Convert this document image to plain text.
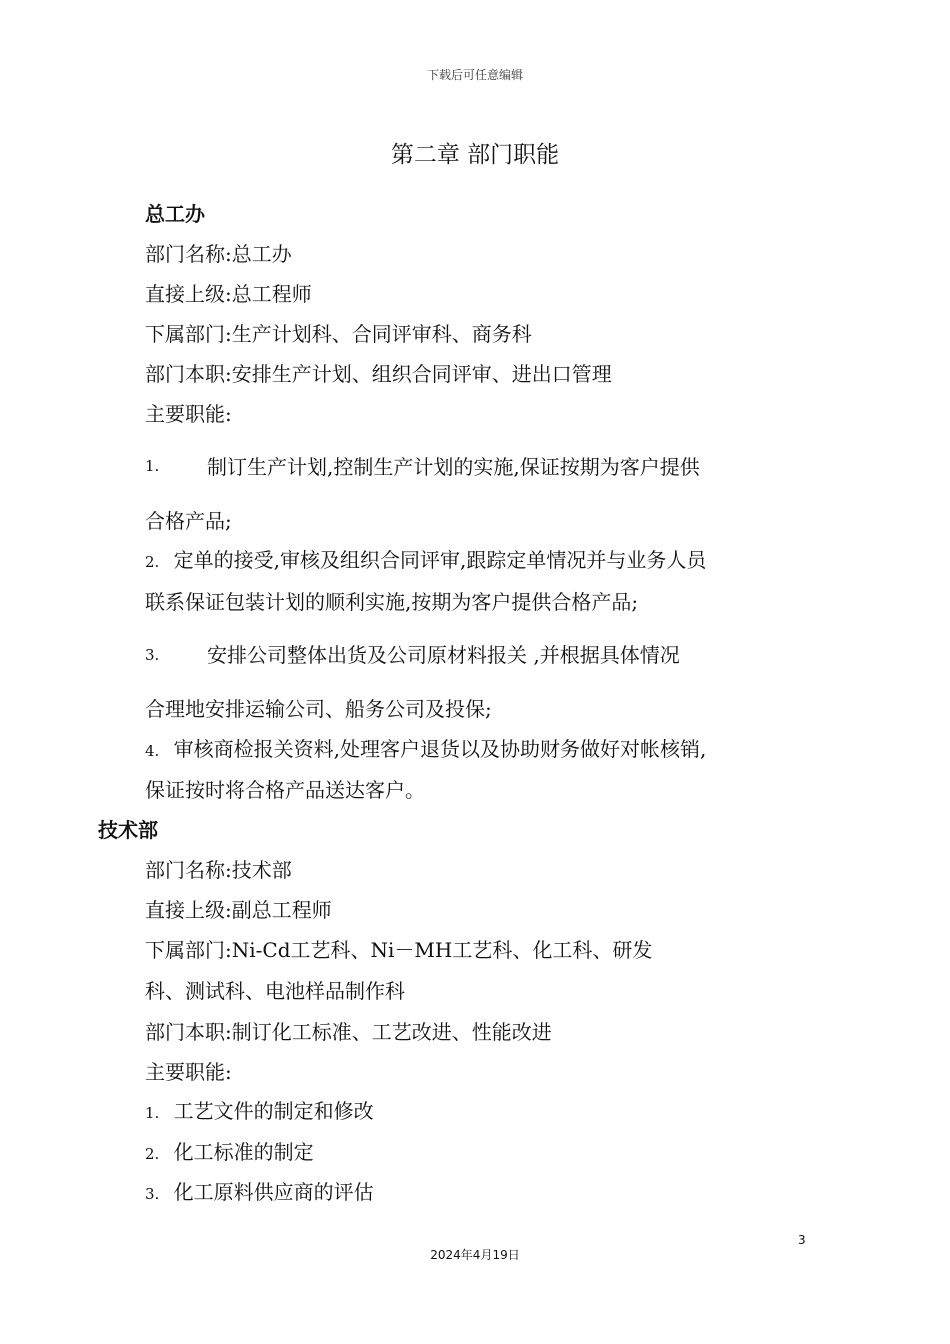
下载后可任意编辑
第二章 部门职能
总工办
部门名称:总工办
直接上级:总工程师
下属部门:生产计划科、合同评审科、商务科
部门本职:安排生产计划、组织合同评审、进出口管理
主要职能:
1. 制订生产计划,控制生产计划的实施,保证按期为客户提供
合格产品;
2. 定单的接受,审核及组织合同评审,跟踪定单情况并与业务人员
联系保证包装计划的顺利实施,按期为客户提供合格产品;
3. 安排公司整体出货及公司原材料报关 ,并根据具体情况
合理地安排运输公司、船务公司及投保;
4. 审核商检报关资料,处理客户退货以及协助财务做好对帐核销,
保证按时将合格产品送达客户。
技术部
部门名称:技术部
直接上级:副总工程师
下属部门:Ni-Cd工艺科、Ni－MH工艺科、化工科、研发
科、测试科、电池样品制作科
部门本职:制订化工标准、工艺改进、性能改进
主要职能:
1. 工艺文件的制定和修改
2. 化工标准的制定
3. 化工原料供应商的评估
3
2024年4月19日
